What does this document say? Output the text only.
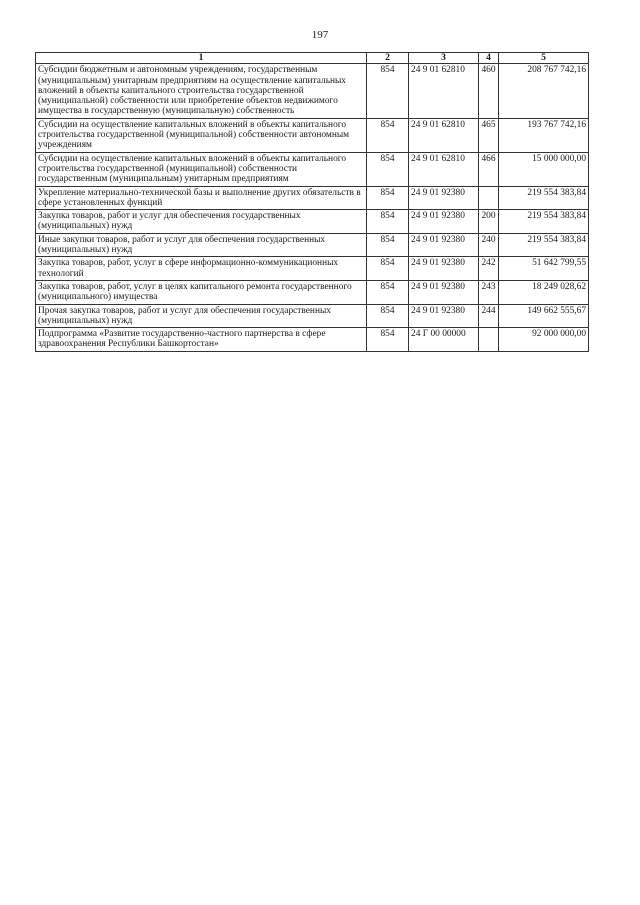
197
1	2	3	4	5
Субсидии бюджетным и автономным учреждениям, государственным (муниципальным) унитарным предприятиям на осуществление капитальных вложений в объекты капитального строительства государственной (муниципальной) собственности или приобретение объектов недвижимого имущества в государственную (муниципальную) собственность	854	24 9 01 62810	460	208 767 742,16
Субсидии на осуществление капитальных вложений в объекты капитального строительства государственной (муниципальной) собственности автономным учреждениям	854	24 9 01 62810	465	193 767 742,16
Субсидии на осуществление капитальных вложений в объекты капитального строительства государственной (муниципальной) собственности государственным (муниципальным) унитарным предприятиям	854	24 9 01 62810	466	15 000 000,00
Укрепление материально-технической базы и выполнение других обязательств в сфере установленных функций	854	24 9 01 92380		219 554 383,84
Закупка товаров, работ и услуг для обеспечения государственных (муниципальных) нужд	854	24 9 01 92380	200	219 554 383,84
Иные закупки товаров, работ и услуг для обеспечения государственных (муниципальных) нужд	854	24 9 01 92380	240	219 554 383,84
Закупка товаров, работ, услуг в сфере информационно-коммуникационных технологий	854	24 9 01 92380	242	51 642 799,55
Закупка товаров, работ, услуг в целях капитального ремонта государственного (муниципального) имущества	854	24 9 01 92380	243	18 249 028,62
Прочая закупка товаров, работ и услуг для обеспечения государственных (муниципальных) нужд	854	24 9 01 92380	244	149 662 555,67
Подпрограмма «Развитие государственно-частного партнерства в сфере здравоохранения Республики Башкортостан»	854	24 Г 00 00000		92 000 000,00
